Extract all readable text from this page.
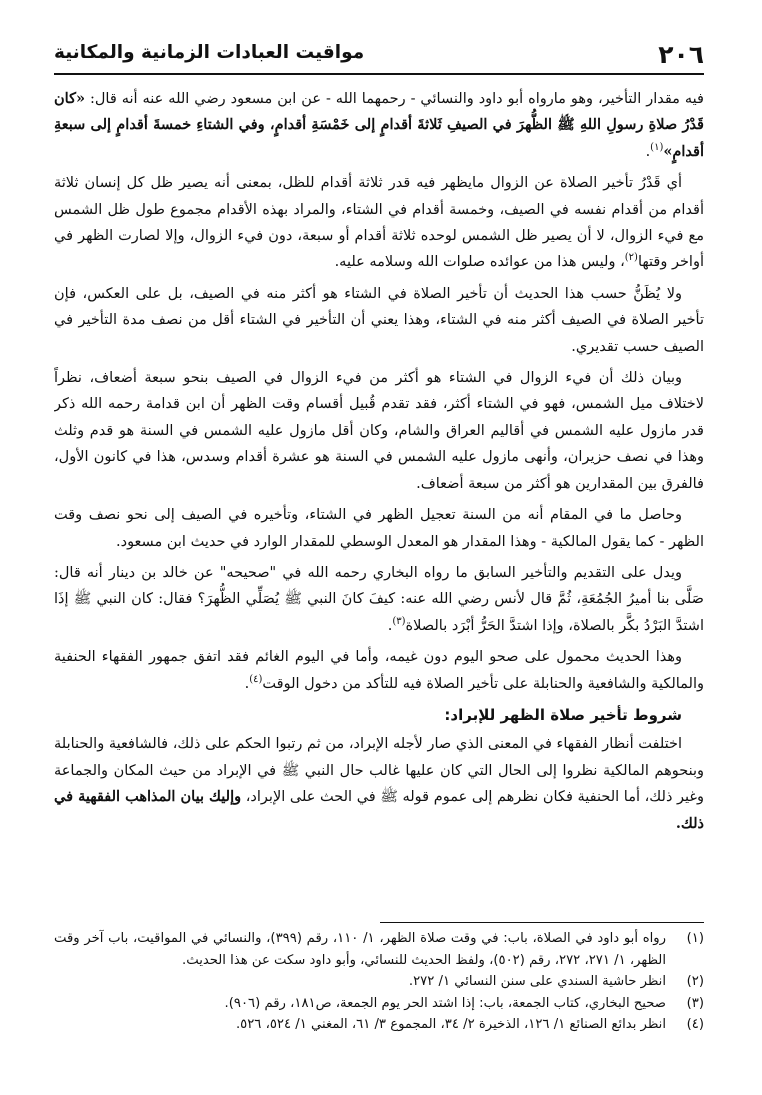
٢٠٦
مواقيت العبادات الزمانية والمكانية

فيه مقدار التأخير، وهو مارواه أبو داود والنسائي - رحمهما الله - عن ابن مسعود رضي الله عنه أنه قال: «كان قَدْرُ صلاةِ رسولِ اللهِ ﷺ الظُّهرَ في الصيفِ ثَلاثةَ أقدامٍ إلى خَمْسَةِ أقدامٍ، وفي الشتاءِ خمسةَ أقدامٍ إلى سبعةِ أقدامٍ»$^{(١)}$.

أي قَدْرُ تأخير الصلاة عن الزوال مايظهر فيه قدر ثلاثة أقدام للظل، بمعنى أنه يصير ظل كل إنسان ثلاثة أقدام من أقدام نفسه في الصيف، وخمسة أقدام في الشتاء، والمراد بهذه الأقدام مجموع طول ظل الشمس مع فيء الزوال، لا أن يصير ظل الشمس لوحده ثلاثة أقدام أو سبعة، دون فيء الزوال، وإلا لصارت الظهر في أواخر وقتها$^{(٢)}$، وليس هذا من عوائده صلوات الله وسلامه عليه.

ولا يُظَنُّ حسب هذا الحديث أن تأخير الصلاة في الشتاء هو أكثر منه في الصيف، بل على العكس، فإن تأخير الصلاة في الصيف أكثر منه في الشتاء، وهذا يعني أن التأخير في الشتاء أقل من نصف مدة التأخير في الصيف حسب تقديري.

وبيان ذلك أن فيء الزوال في الشتاء هو أكثر من فيء الزوال في الصيف بنحو سبعة أضعاف، نظراً لاختلاف ميل الشمس، فهو في الشتاء أكثر، فقد تقدم قُبيل أقسام وقت الظهر أن ابن قدامة رحمه الله ذكر قدر مازول عليه الشمس في أقاليم العراق والشام، وكان أقل مازول عليه الشمس في السنة هو قدم وثلث وهذا في نصف حزيران، وأنهى مازول عليه الشمس في السنة هو عشرة أقدام وسدس، هذا في كانون الأول، فالفرق بين المقدارين هو أكثر من سبعة أضعاف.

وحاصل ما في المقام أنه من السنة تعجيل الظهر في الشتاء، وتأخيره في الصيف إلى نحو نصف وقت الظهر - كما يقول المالكية - وهذا المقدار هو المعدل الوسطي للمقدار الوارد في حديث ابن مسعود.

ويدل على التقديم والتأخير السابق ما رواه البخاري رحمه الله في "صحيحه" عن خالد بن دينار أنه قال: صَلَّى بنا أميرُ الجُمُعَةِ، ثُمَّ قال لأنس رضي الله عنه: كيفَ كانَ النبي ﷺ يُصَلِّي الظُّهرَ؟ فقال: كان النبي ﷺ إذَا اشتدَّ البَرْدُ بكَّر بالصلاة، وإذا اشتدَّ الحَرُّ أبْرَد بالصلاة$^{(٣)}$.

وهذا الحديث محمول على صحو اليوم دون غيمه، وأما في اليوم الغائم فقد اتفق جمهور الفقهاء الحنفية والمالكية والشافعية والحنابلة على تأخير الصلاة فيه للتأكد من دخول الوقت$^{(٤)}$.

شروط تأخير صلاة الظهر للإبراد:

اختلفت أنظار الفقهاء في المعنى الذي صار لأجله الإبراد، من ثم رتبوا الحكم على ذلك، فالشافعية والحنابلة وبنحوهم المالكية نظروا إلى الحال التي كان عليها غالب حال النبي ﷺ في الإبراد من حيث المكان والجماعة وغير ذلك، أما الحنفية فكان نظرهم إلى عموم قوله ﷺ في الحث على الإبراد، وإليك بيان المذاهب الفقهية في ذلك.

(١)
رواه أبو داود في الصلاة، باب: في وقت صلاة الظهر، ١/ ١١٠، رقم (٣٩٩)، والنسائي في المواقيت، باب آخر وقت الظهر، ١/ ٢٧١، ٢٧٢، رقم (٥٠٢)، ولفظ الحديث للنسائي، وأبو داود سكت عن هذا الحديث.
(٢)
انظر حاشية السندي على سنن النسائي ١/ ٢٧٢.
(٣)
صحيح البخاري، كتاب الجمعة، باب: إذا اشتد الحر يوم الجمعة، ص١٨١، رقم (٩٠٦).
(٤)
انظر بدائع الصنائع ١/ ١٢٦، الذخيرة ٢/ ٣٤، المجموع ٣/ ٦١، المغني ١/ ٥٢٤، ٥٢٦.
